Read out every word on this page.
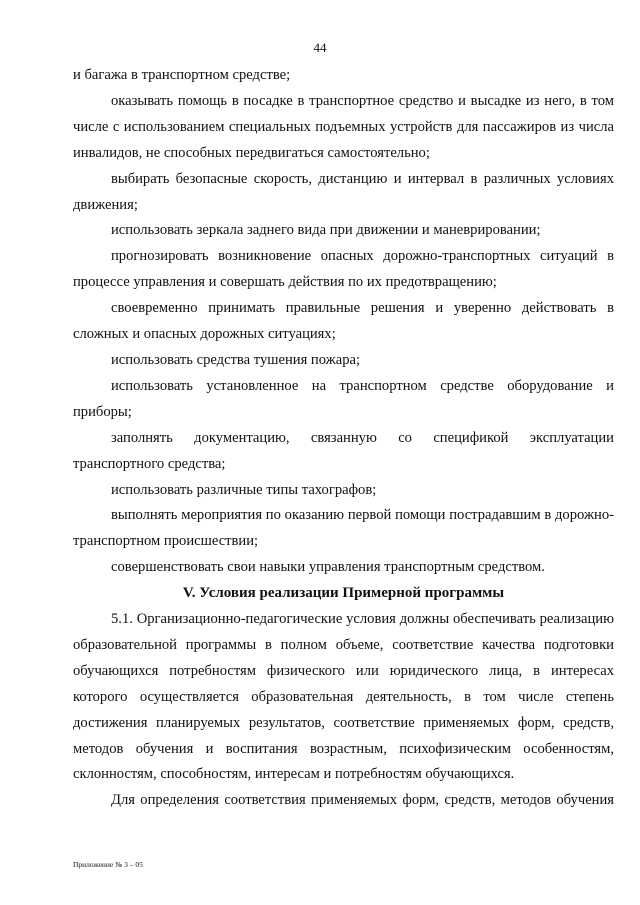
44

и багажа в транспортном средстве;

оказывать помощь в посадке в транспортное средство и высадке из него, в том числе с использованием специальных подъемных устройств для пассажиров из числа инвалидов, не способных передвигаться самостоятельно;

выбирать безопасные скорость, дистанцию и интервал в различных условиях движения;

использовать зеркала заднего вида при движении и маневрировании;

прогнозировать возникновение опасных дорожно-транспортных ситуаций в процессе управления и совершать действия по их предотвращению;

своевременно принимать правильные решения и уверенно действовать в сложных и опасных дорожных ситуациях;

использовать средства тушения пожара;

использовать установленное на транспортном средстве оборудование и приборы;

заполнять документацию, связанную со спецификой эксплуатации транспортного средства;

использовать различные типы тахографов;

выполнять мероприятия по оказанию первой помощи пострадавшим в дорожно-транспортном происшествии;

совершенствовать свои навыки управления транспортным средством.

V. Условия реализации Примерной программы

5.1. Организационно-педагогические условия должны обеспечивать реализацию образовательной программы в полном объеме, соответствие качества подготовки обучающихся потребностям физического или юридического лица, в интересах которого осуществляется образовательная деятельность, в том числе степень достижения планируемых результатов, соответствие применяемых форм, средств, методов обучения и воспитания возрастным, психофизическим особенностям, склонностям, способностям, интересам и потребностям обучающихся.

Для определения соответствия применяемых форм, средств, методов обучения

Приложение № 3 – 05
